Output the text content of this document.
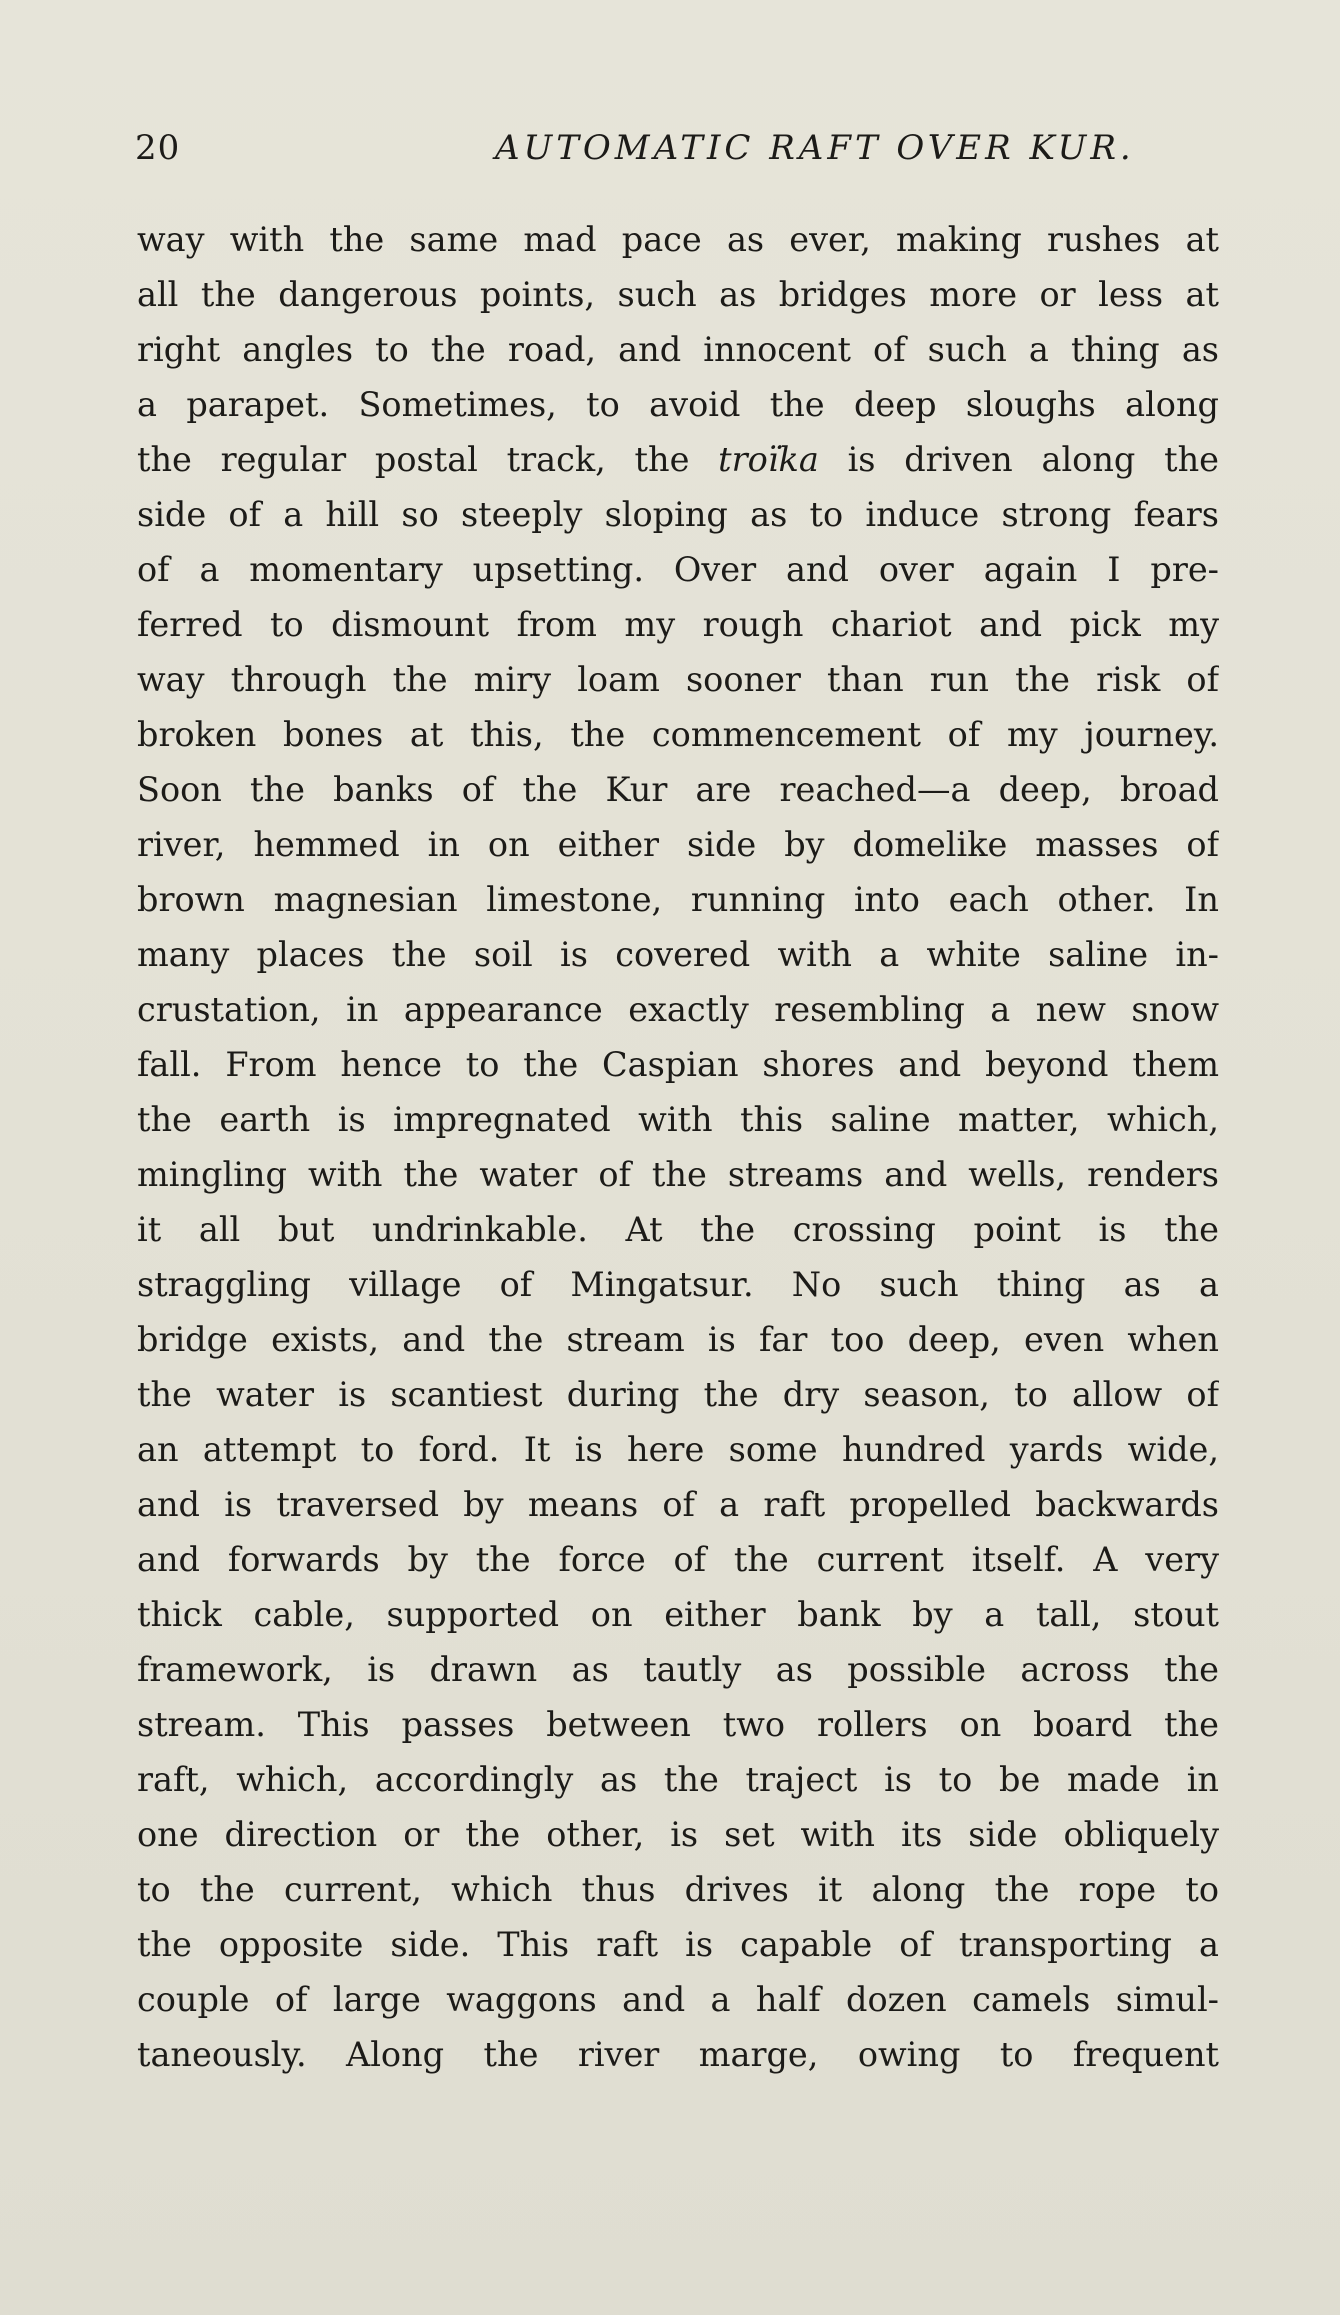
20	AUTOMATIC RAFT OVER KUR.
way with the same mad pace as ever, making rushes at
all the dangerous points, such as bridges more or less at
right angles to the road, and innocent of such a thing as
a parapet. Sometimes, to avoid the deep sloughs along
the regular postal track, the troïka is driven along the
side of a hill so steeply sloping as to induce strong fears
of a momentary upsetting. Over and over again I pre-
ferred to dismount from my rough chariot and pick my
way through the miry loam sooner than run the risk of
broken bones at this, the commencement of my journey.
Soon the banks of the Kur are reached—a deep, broad
river, hemmed in on either side by domelike masses of
brown magnesian limestone, running into each other. In
many places the soil is covered with a white saline in-
crustation, in appearance exactly resembling a new snow
fall. From hence to the Caspian shores and beyond them
the earth is impregnated with this saline matter, which,
mingling with the water of the streams and wells, renders
it all but undrinkable. At the crossing point is the
straggling village of Mingatsur. No such thing as a
bridge exists, and the stream is far too deep, even when
the water is scantiest during the dry season, to allow of
an attempt to ford. It is here some hundred yards wide,
and is traversed by means of a raft propelled backwards
and forwards by the force of the current itself. A very
thick cable, supported on either bank by a tall, stout
framework, is drawn as tautly as possible across the
stream. This passes between two rollers on board the
raft, which, accordingly as the traject is to be made in
one direction or the other, is set with its side obliquely
to the current, which thus drives it along the rope to
the opposite side. This raft is capable of transporting a
couple of large waggons and a half dozen camels simul-
taneously. Along the river marge, owing to frequent
